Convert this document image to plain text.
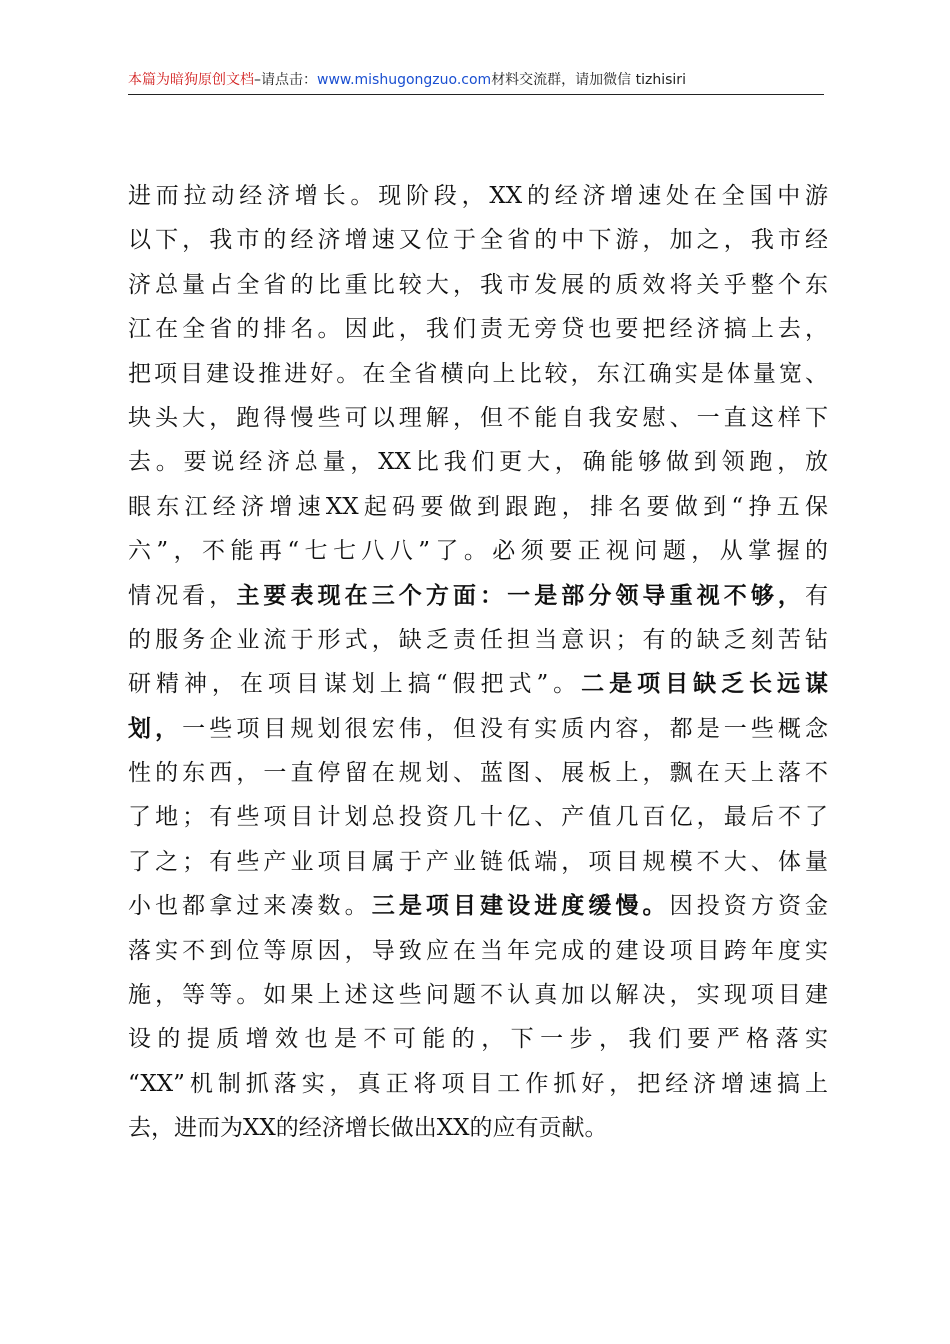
本篇为暗狗原创文档–请点击：www.mishugongzuo.com材料交流群，请加微信 tizhisiri
进而拉动经济增长。现阶段，XX的经济增速处在全国中游
以下，我市的经济增速又位于全省的中下游，加之，我市经
济总量占全省的比重比较大，我市发展的质效将关乎整个东
江在全省的排名。因此，我们责无旁贷也要把经济搞上去，
把项目建设推进好。在全省横向上比较，东江确实是体量宽、
块头大，跑得慢些可以理解，但不能自我安慰、一直这样下
去。要说经济总量，XX比我们更大，确能够做到领跑，放
眼东江经济增速XX起码要做到跟跑，排名要做到“挣五保
六”，不能再“七七八八”了。必须要正视问题，从掌握的
情况看，主要表现在三个方面：一是部分领导重视不够，有
的服务企业流于形式，缺乏责任担当意识；有的缺乏刻苦钻
研精神，在项目谋划上搞“假把式”。二是项目缺乏长远谋
划，一些项目规划很宏伟，但没有实质内容，都是一些概念
性的东西，一直停留在规划、蓝图、展板上，飘在天上落不
了地；有些项目计划总投资几十亿、产值几百亿，最后不了
了之；有些产业项目属于产业链低端，项目规模不大、体量
小也都拿过来凑数。三是项目建设进度缓慢。因投资方资金
落实不到位等原因，导致应在当年完成的建设项目跨年度实
施，等等。如果上述这些问题不认真加以解决，实现项目建
设的提质增效也是不可能的，下一步，我们要严格落实
“XX”机制抓落实，真正将项目工作抓好，把经济增速搞上
去，进而为XX的经济增长做出XX的应有贡献。
